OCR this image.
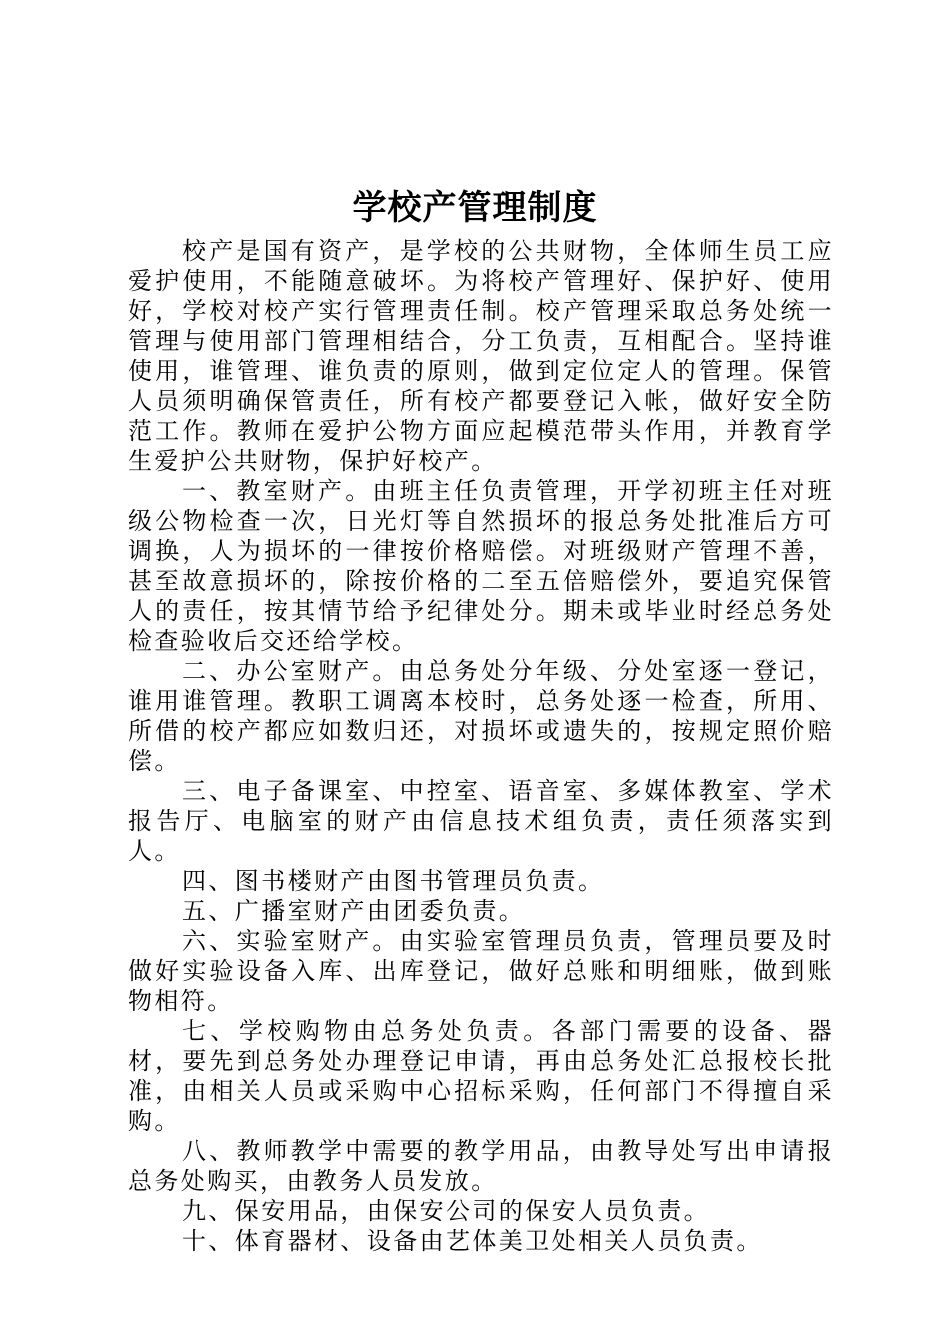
学校产管理制度

校产是国有资产，是学校的公共财物，全体师生员工应爱护使用，不能随意破坏。为将校产管理好、保护好、使用好，学校对校产实行管理责任制。校产管理采取总务处统一管理与使用部门管理相结合，分工负责，互相配合。坚持谁使用，谁管理、谁负责的原则，做到定位定人的管理。保管人员须明确保管责任，所有校产都要登记入帐，做好安全防范工作。教师在爱护公物方面应起模范带头作用，并教育学生爱护公共财物，保护好校产。

一、教室财产。由班主任负责管理，开学初班主任对班级公物检查一次，日光灯等自然损坏的报总务处批准后方可调换，人为损坏的一律按价格赔偿。对班级财产管理不善，甚至故意损坏的，除按价格的二至五倍赔偿外，要追究保管人的责任，按其情节给予纪律处分。期未或毕业时经总务处检查验收后交还给学校。

二、办公室财产。由总务处分年级、分处室逐一登记，谁用谁管理。教职工调离本校时，总务处逐一检查，所用、所借的校产都应如数归还，对损坏或遗失的，按规定照价赔偿。

三、电子备课室、中控室、语音室、多媒体教室、学术报告厅、电脑室的财产由信息技术组负责，责任须落实到人。

四、图书楼财产由图书管理员负责。

五、广播室财产由团委负责。

六、实验室财产。由实验室管理员负责，管理员要及时做好实验设备入库、出库登记，做好总账和明细账，做到账物相符。

七、学校购物由总务处负责。各部门需要的设备、器材，要先到总务处办理登记申请，再由总务处汇总报校长批准，由相关人员或采购中心招标采购，任何部门不得擅自采购。

八、教师教学中需要的教学用品，由教导处写出申请报总务处购买，由教务人员发放。

九、保安用品，由保安公司的保安人员负责。

十、体育器材、设备由艺体美卫处相关人员负责。
